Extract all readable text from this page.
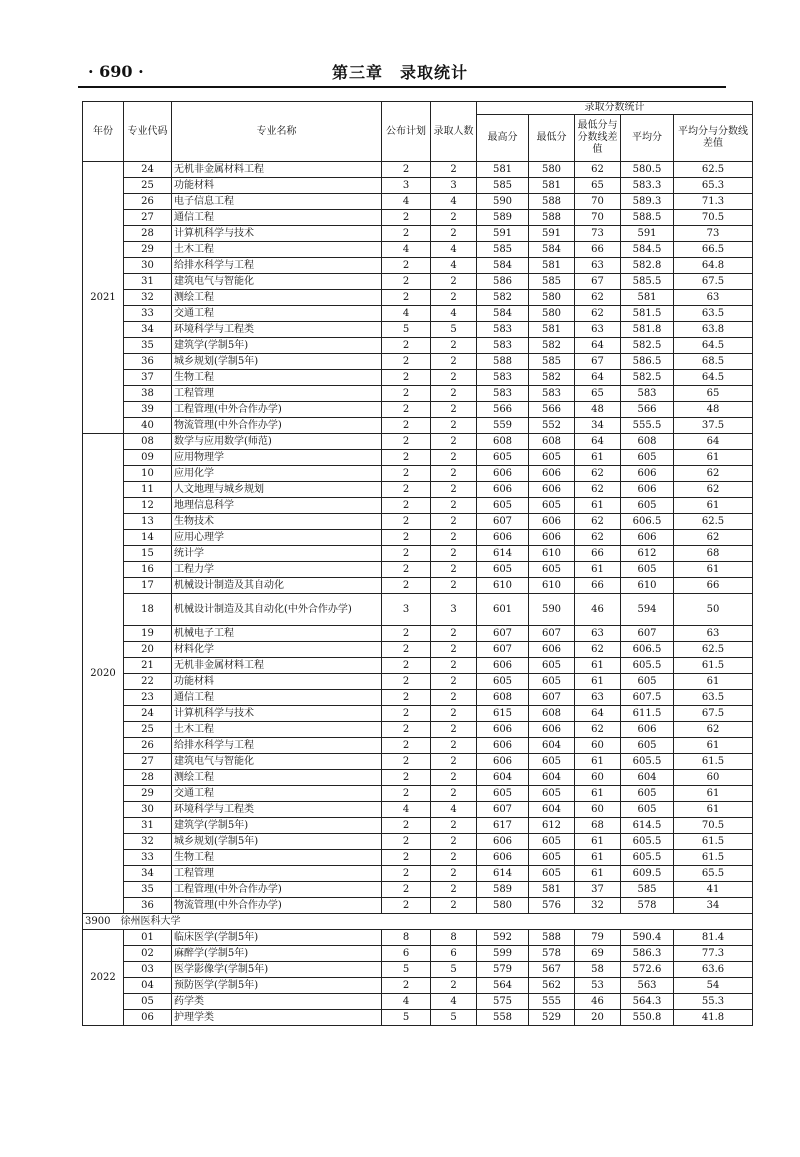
· 690 ·	第三章　录取统计
年份	专业代码	专业名称	公布计划	录取人数	录取分数统计				
					最高分	最低分	最低分与分数线差值	平均分	平均分与分数线差值
2021	24	无机非金属材料工程	2	2	581	580	62	580.5	62.5
	25	功能材料	3	3	585	581	65	583.3	65.3
	26	电子信息工程	4	4	590	588	70	589.3	71.3
	27	通信工程	2	2	589	588	70	588.5	70.5
	28	计算机科学与技术	2	2	591	591	73	591	73
	29	土木工程	4	4	585	584	66	584.5	66.5
	30	给排水科学与工程	2	4	584	581	63	582.8	64.8
	31	建筑电气与智能化	2	2	586	585	67	585.5	67.5
	32	测绘工程	2	2	582	580	62	581	63
	33	交通工程	4	4	584	580	62	581.5	63.5
	34	环境科学与工程类	5	5	583	581	63	581.8	63.8
	35	建筑学(学制5年)	2	2	583	582	64	582.5	64.5
	36	城乡规划(学制5年)	2	2	588	585	67	586.5	68.5
	37	生物工程	2	2	583	582	64	582.5	64.5
	38	工程管理	2	2	583	583	65	583	65
	39	工程管理(中外合作办学)	2	2	566	566	48	566	48
	40	物流管理(中外合作办学)	2	2	559	552	34	555.5	37.5
2020	08	数学与应用数学(师范)	2	2	608	608	64	608	64
	09	应用物理学	2	2	605	605	61	605	61
	10	应用化学	2	2	606	606	62	606	62
	11	人文地理与城乡规划	2	2	606	606	62	606	62
	12	地理信息科学	2	2	605	605	61	605	61
	13	生物技术	2	2	607	606	62	606.5	62.5
	14	应用心理学	2	2	606	606	62	606	62
	15	统计学	2	2	614	610	66	612	68
	16	工程力学	2	2	605	605	61	605	61
	17	机械设计制造及其自动化	2	2	610	610	66	610	66
	18	机械设计制造及其自动化(中外合作办学)	3	3	601	590	46	594	50
	19	机械电子工程	2	2	607	607	63	607	63
	20	材料化学	2	2	607	606	62	606.5	62.5
	21	无机非金属材料工程	2	2	606	605	61	605.5	61.5
	22	功能材料	2	2	605	605	61	605	61
	23	通信工程	2	2	608	607	63	607.5	63.5
	24	计算机科学与技术	2	2	615	608	64	611.5	67.5
	25	土木工程	2	2	606	606	62	606	62
	26	给排水科学与工程	2	2	606	604	60	605	61
	27	建筑电气与智能化	2	2	606	605	61	605.5	61.5
	28	测绘工程	2	2	604	604	60	604	60
	29	交通工程	2	2	605	605	61	605	61
	30	环境科学与工程类	4	4	607	604	60	605	61
	31	建筑学(学制5年)	2	2	617	612	68	614.5	70.5
	32	城乡规划(学制5年)	2	2	606	605	61	605.5	61.5
	33	生物工程	2	2	606	605	61	605.5	61.5
	34	工程管理	2	2	614	605	61	609.5	65.5
	35	工程管理(中外合作办学)	2	2	589	581	37	585	41
	36	物流管理(中外合作办学)	2	2	580	576	32	578	34
3900　徐州医科大学									
2022	01	临床医学(学制5年)	8	8	592	588	79	590.4	81.4
	02	麻醉学(学制5年)	6	6	599	578	69	586.3	77.3
	03	医学影像学(学制5年)	5	5	579	567	58	572.6	63.6
	04	预防医学(学制5年)	2	2	564	562	53	563	54
	05	药学类	4	4	575	555	46	564.3	55.3
	06	护理学类	5	5	558	529	20	550.8	41.8
